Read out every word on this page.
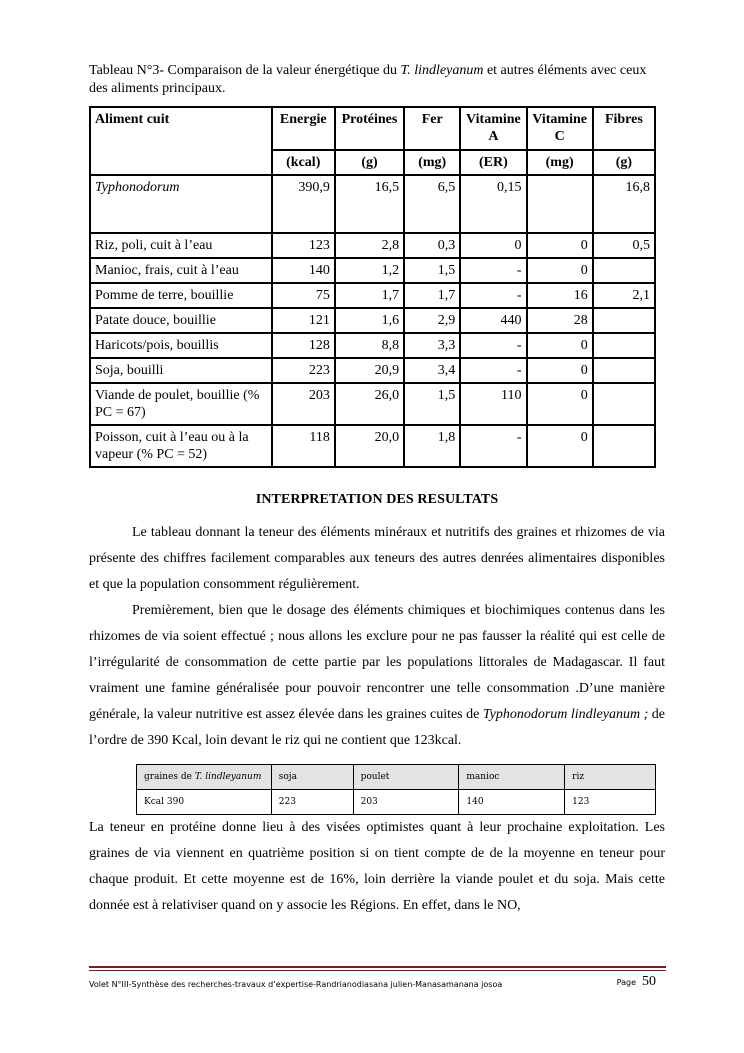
Tableau N°3- Comparaison de la valeur énergétique du T. lindleyanum et autres éléments avec ceux des aliments principaux.

Aliment cuit	Energie	Protéines	Fer	Vitamine A	Vitamine C	Fibres
	(kcal)	(g)	(mg)	(ER)	(mg)	(g)
Typhonodorum	390,9	16,5	6,5	0,15		16,8
Riz, poli, cuit à l’eau	123	2,8	0,3	0	0	0,5
Manioc, frais, cuit à l’eau	140	1,2	1,5	-	0	
Pomme de terre, bouillie	75	1,7	1,7	-	16	2,1
Patate douce, bouillie	121	1,6	2,9	440	28	
Haricots/pois, bouillis	128	8,8	3,3	-	0	
Soja, bouilli	223	20,9	3,4	-	0	
Viande de poulet, bouillie (% PC = 67)	203	26,0	1,5	110	0	
Poisson, cuit à l’eau ou à la vapeur (% PC = 52)	118	20,0	1,8	-	0	
INTERPRETATION DES RESULTATS

Le tableau donnant la teneur des éléments minéraux et nutritifs des graines et rhizomes de via présente des chiffres facilement comparables aux teneurs des autres denrées alimentaires disponibles et que la population consomment régulièrement.

Premièrement, bien que le dosage des éléments chimiques et biochimiques contenus dans les rhizomes de via soient effectué ; nous allons les exclure pour ne pas fausser la réalité qui est celle de l’irrégularité de consommation de cette partie par les populations littorales de Madagascar. Il faut vraiment une famine généralisée pour pouvoir rencontrer une telle consommation .D’une manière générale, la valeur nutritive est assez élevée dans les graines cuites de Typhonodorum lindleyanum ; de l’ordre de 390 Kcal, loin devant le riz qui ne contient que 123kcal.

graines de T. lindleyanum	soja	poulet	manioc	riz
Kcal 390	223	203	140	123

La teneur en protéine donne lieu à des visées optimistes quant à leur prochaine exploitation. Les graines de via viennent en quatrième position si on tient compte de de la moyenne en teneur pour chaque produit. Et cette moyenne est de 16%, loin derrière la viande poulet et du soja. Mais cette donnée est à relativiser quand on y associe les Régions. En effet, dans le NO,

Volet N°III-Synthèse des recherches-travaux d’expertise-Randrianodiasana julien-Manasamanana josoa	Page 50
